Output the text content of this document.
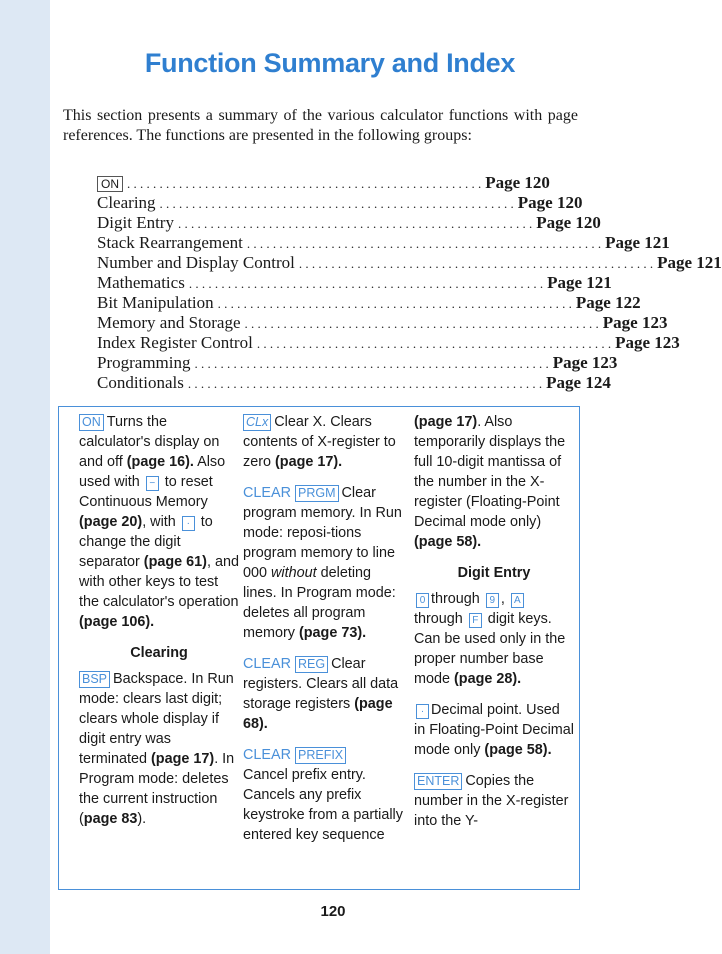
Function Summary and Index
This section presents a summary of the various calculator functions with page references. The functions are presented in the following groups:
ON . . . . . . . . . . . . . . . . . . . . . . . . . . . . . . . . . . . . . . . . . . . . . . . . . . . . . . . Page 120
Clearing . . . . . . . . . . . . . . . . . . . . . . . . . . . . . . . . . . . . . . . . . . . . . . . . . . . . . . . Page 120
Digit Entry . . . . . . . . . . . . . . . . . . . . . . . . . . . . . . . . . . . . . . . . . . . . . . . . . . . . . . . Page 120
Stack Rearrangement . . . . . . . . . . . . . . . . . . . . . . . . . . . . . . . . . . . . . . . . . . . . . . . . . . . . . . . Page 121
Number and Display Control . . . . . . . . . . . . . . . . . . . . . . . . . . . . . . . . . . . . . . . . . . . . . . . . . . . . . . . Page 121
Mathematics . . . . . . . . . . . . . . . . . . . . . . . . . . . . . . . . . . . . . . . . . . . . . . . . . . . . . . . Page 121
Bit Manipulation . . . . . . . . . . . . . . . . . . . . . . . . . . . . . . . . . . . . . . . . . . . . . . . . . . . . . . . Page 122
Memory and Storage . . . . . . . . . . . . . . . . . . . . . . . . . . . . . . . . . . . . . . . . . . . . . . . . . . . . . . . Page 123
Index Register Control . . . . . . . . . . . . . . . . . . . . . . . . . . . . . . . . . . . . . . . . . . . . . . . . . . . . . . . Page 123
Programming . . . . . . . . . . . . . . . . . . . . . . . . . . . . . . . . . . . . . . . . . . . . . . . . . . . . . . . Page 123
Conditionals . . . . . . . . . . . . . . . . . . . . . . . . . . . . . . . . . . . . . . . . . . . . . . . . . . . . . . . Page 124

ON Turns the calculator's display on and off (page 16). Also used with − to reset Continuous Memory (page 20), with · to change the digit separator (page 61), and with other keys to test the calculator's operation (page 106).

Clearing

BSP Backspace. In Run mode: clears last digit; clears whole display if digit entry was terminated (page 17). In Program mode: deletes the current instruction (page 83).

CLx Clear X. Clears contents of X-register to zero (page 17).

CLEAR PRGM Clear program memory. In Run mode: reposi-tions program memory to line 000 without deleting lines. In Program mode: deletes all program memory (page 73).

CLEAR REG Clear registers. Clears all data storage registers (page 68).

CLEAR PREFIX
Cancel prefix entry. Cancels any prefix keystroke from a partially entered key sequence

(page 17). Also temporarily displays the full 10-digit mantissa of the number in the X-register (Floating-Point Decimal mode only) (page 58).

Digit Entry

0 through 9 , A through F digit keys. Can be used only in the proper number base mode (page 28).

· Decimal point. Used in Floating-Point Decimal mode only (page 58).

ENTER Copies the number in the X-register into the Y-

120
